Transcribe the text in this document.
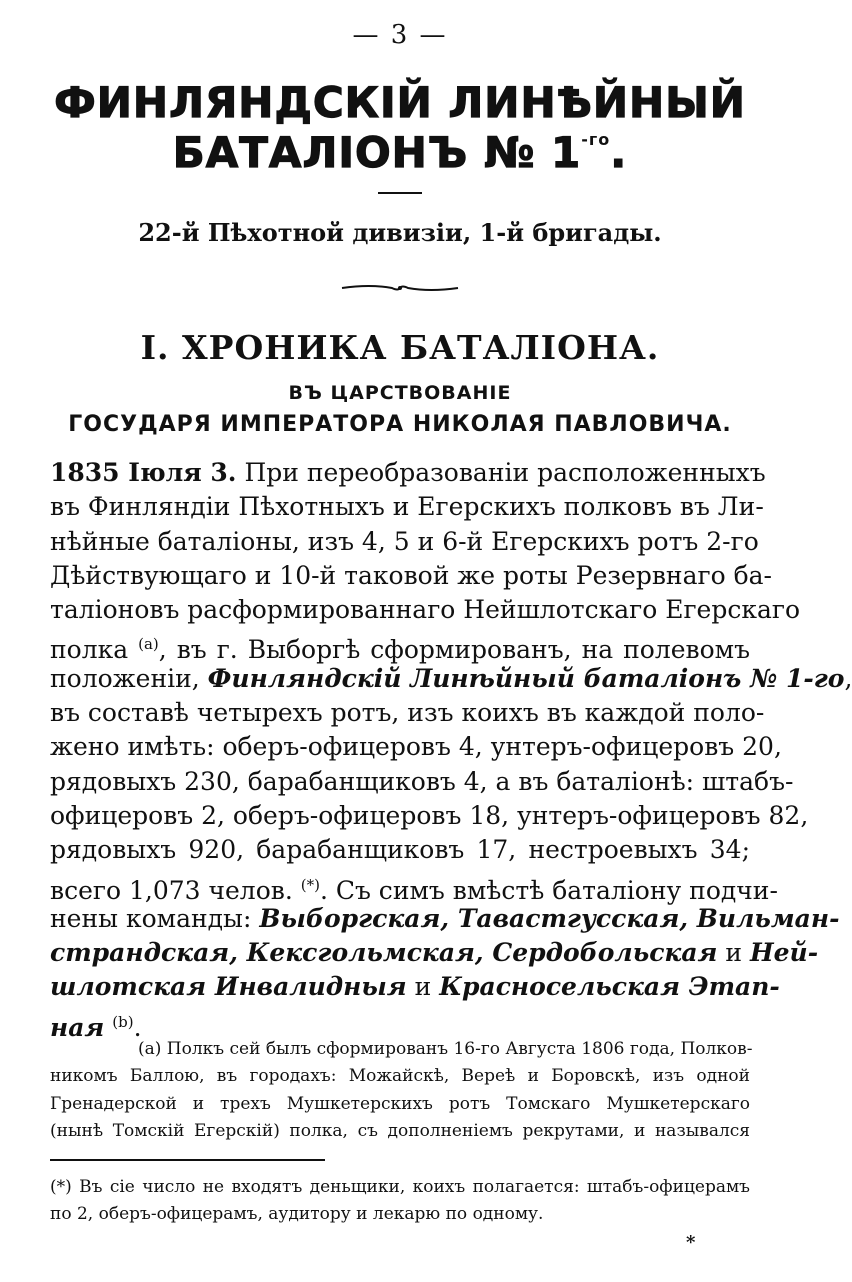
— 3 —
ФИНЛЯНДСКІЙ ЛИНѢЙНЫЙ
БАТАЛІОНЪ № $1^{-го}$.
22-й Пѣхотной дивизіи, 1-й бригады.
I. ХРОНИКА БАТАЛІОНА.
ВЪ ЦАРСТВОВАНІЕ
ГОСУДАРЯ ИМПЕРАТОРА НИКОЛАЯ ПАВЛОВИЧА.
1835 Іюля 3. При переобразованіи расположенныхъ
въ Финляндіи Пѣхотныхъ и Егерскихъ полковъ въ Ли-
нѣйные баталіоны, изъ 4, 5 и 6-й Егерскихъ ротъ 2-го
Дѣйствующаго и 10-й таковой же роты Резервнаго ба-
таліоновъ расформированнаго Нейшлотскаго Егерскаго
полка $^{(а)}$, въ г. Выборгѣ сформированъ, на полевомъ
положеніи, Финляндскій Линѣйный баталіонъ № 1-го,
въ составѣ четырехъ ротъ, изъ коихъ въ каждой поло-
жено имѣть: оберъ-офицеровъ 4, унтеръ-офицеровъ 20,
рядовыхъ 230, барабанщиковъ 4, а въ баталіонѣ: штабъ-
офицеровъ 2, оберъ-офицеровъ 18, унтеръ-офицеровъ 82,
рядовыхъ 920, барабанщиковъ 17, нестроевыхъ 34;
всего 1,073 челов. (*). Съ симъ вмѣстѣ баталіону подчи-
нены команды: Выборгская, Тавастгусская, Вильман-
страндская, Кексгольмская, Сердобольская и Ней-
шлотская Инвалидныя и Красносельская Этап-
ная $^{(b)}$.
(а) Полкъ сей былъ сформированъ 16-го Августа 1806 года, Полков-
никомъ Баллою, въ городахъ: Можайскѣ, Верeѣ и Боровскѣ, изъ одной
Гренадерской и трехъ Мушкетерскихъ ротъ Томскаго Мушкетерскаго
(нынѣ Томскій Егерскій) полка, съ дополненіемъ рекрутами, и назывался
(*) Въ сіе число не входятъ деньщики, коихъ полагается: штабъ-офицерамъ
по 2, оберъ-офицерамъ, аудитору и лекарю по одному.
*
